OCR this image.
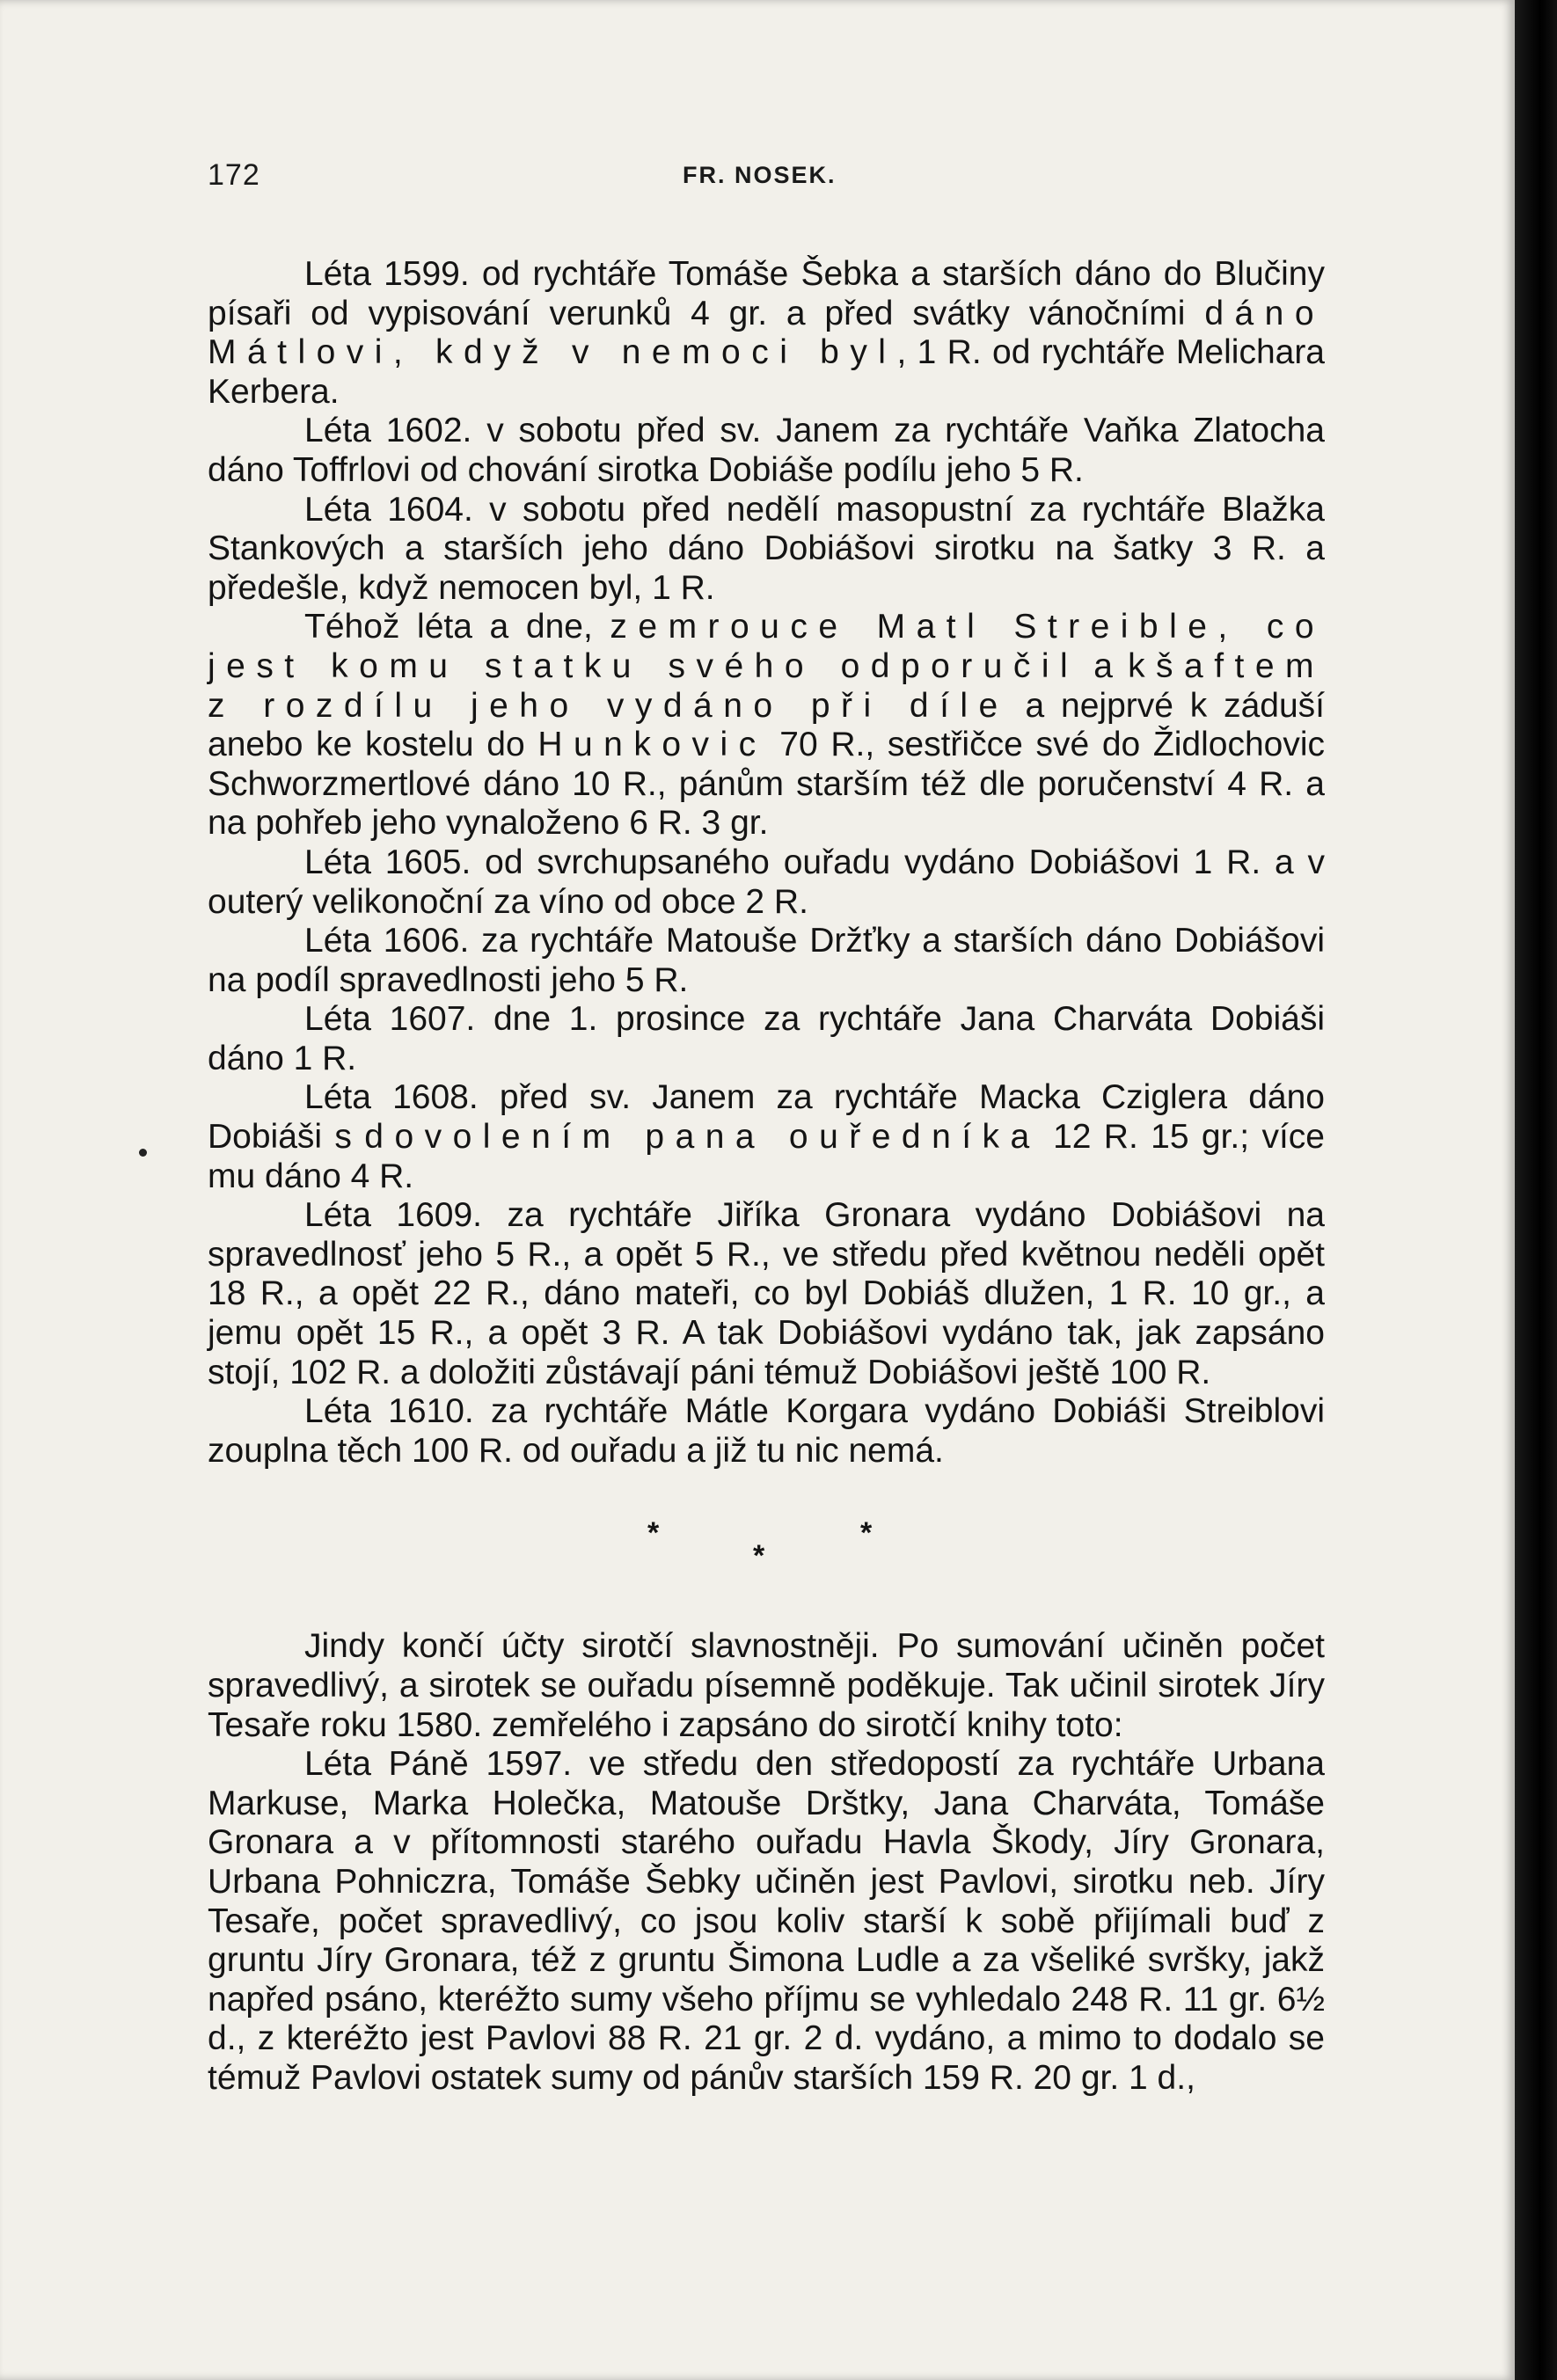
172	FR. NOSEK.

Léta 1599. od rychtáře Tomáše Šebka a starších dáno do Blučiny písaři od vypisování verunků 4 gr. a před svátky vánočními dáno Mátlovi, když v nemoci byl, 1 R. od rychtáře Melichara Kerbera.

Léta 1602. v sobotu před sv. Janem za rychtáře Vaňka Zlatocha dáno Toffrlovi od chování sirotka Dobiáše podílu jeho 5 R.

Léta 1604. v sobotu před nedělí masopustní za rychtáře Blažka Stankových a starších jeho dáno Dobiášovi sirotku na šatky 3 R. a předešle, když nemocen byl, 1 R.

Téhož léta a dne, zemrouce Matl Streible, co jest komu statku svého odporučil a kšaftem z rozdílu jeho vydáno při díle a nejprvé k záduší anebo ke kostelu do Hunkovic 70 R., sestřičce své do Židlochovic Schworzmertlové dáno 10 R., pánům starším též dle poručenství 4 R. a na pohřeb jeho vynaloženo 6 R. 3 gr.

Léta 1605. od svrchupsaného ouřadu vydáno Dobiášovi 1 R. a v outerý velikonoční za víno od obce 2 R.

Léta 1606. za rychtáře Matouše Držťky a starších dáno Dobiášovi na podíl spravedlnosti jeho 5 R.

Léta 1607. dne 1. prosince za rychtáře Jana Charváta Dobiáši dáno 1 R.

Léta 1608. před sv. Janem za rychtáře Macka Cziglera dáno Dobiáši s dovolením pana ouředníka 12 R. 15 gr.; více mu dáno 4 R.

Léta 1609. za rychtáře Jiříka Gronara vydáno Dobiášovi na spravedlnosť jeho 5 R., a opět 5 R., ve středu před květnou neděli opět 18 R., a opět 22 R., dáno mateři, co byl Dobiáš dlužen, 1 R. 10 gr., a jemu opět 15 R., a opět 3 R. A tak Dobiášovi vydáno tak, jak zapsáno stojí, 102 R. a doložiti zůstávají páni témuž Dobiášovi ještě 100 R.

Léta 1610. za rychtáře Mátle Korgara vydáno Dobiáši Streiblovi zouplna těch 100 R. od ouřadu a již tu nic nemá.

*
*
*

Jindy končí účty sirotčí slavnostněji. Po sumování učiněn počet spravedlivý, a sirotek se ouřadu písemně poděkuje. Tak učinil sirotek Jíry Tesaře roku 1580. zemřelého i zapsáno do sirotčí knihy toto:

Léta Páně 1597. ve středu den středopostí za rychtáře Urbana Markuse, Marka Holečka, Matouše Drštky, Jana Charváta, Tomáše Gronara a v přítomnosti starého ouřadu Havla Škody, Jíry Gronara, Urbana Pohniczra, Tomáše Šebky učiněn jest Pavlovi, sirotku neb. Jíry Tesaře, počet spravedlivý, co jsou koliv starší k sobě přijímali buď z gruntu Jíry Gronara, též z gruntu Šimona Ludle a za všeliké svršky, jakž napřed psáno, kteréžto sumy všeho příjmu se vyhledalo 248 R. 11 gr. 6½ d., z kteréžto jest Pavlovi 88 R. 21 gr. 2 d. vydáno, a mimo to dodalo se témuž Pavlovi ostatek sumy od pánův starších 159 R. 20 gr. 1 d.,
